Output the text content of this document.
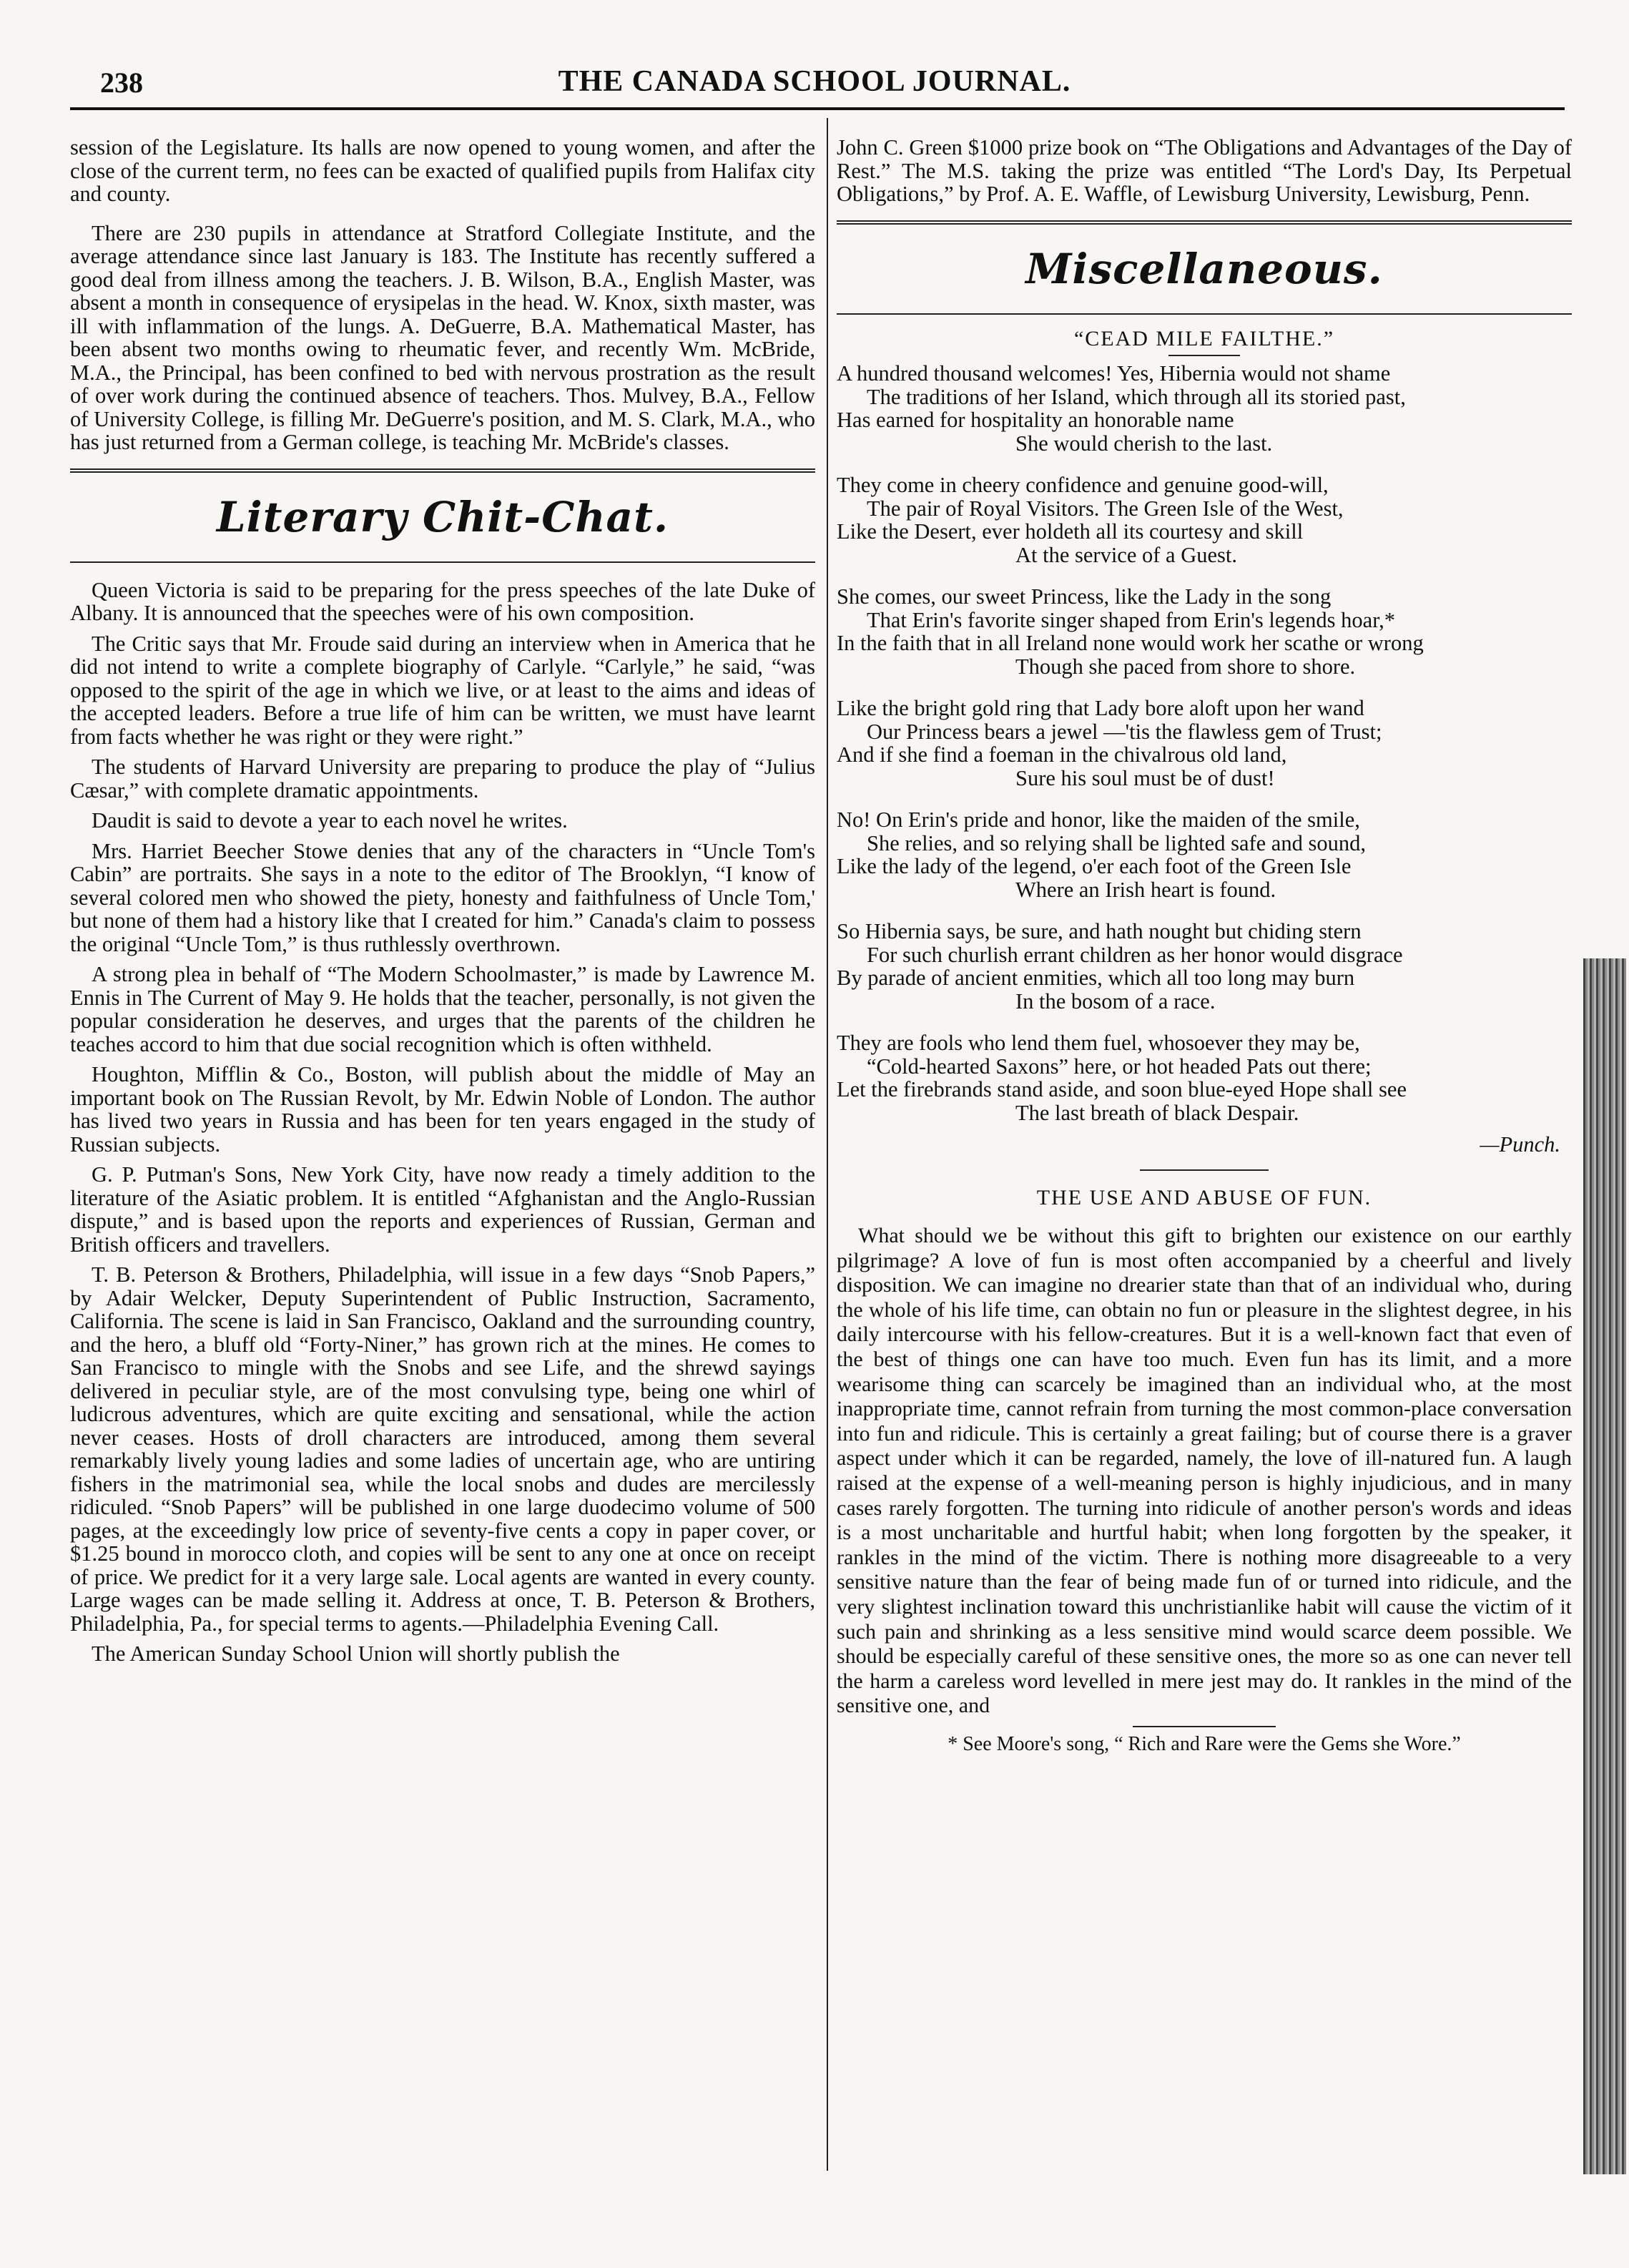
238	THE CANADA SCHOOL JOURNAL.

session of the Legislature. Its halls are now opened to young women, and after the close of the current term, no fees can be exacted of qualified pupils from Halifax city and county.

There are 230 pupils in attendance at Stratford Collegiate Institute, and the average attendance since last January is 183. The Institute has recently suffered a good deal from illness among the teachers. J. B. Wilson, B.A., English Master, was absent a month in consequence of erysipelas in the head. W. Knox, sixth master, was ill with inflammation of the lungs. A. DeGuerre, B.A. Mathematical Master, has been absent two months owing to rheumatic fever, and recently Wm. McBride, M.A., the Principal, has been confined to bed with nervous prostration as the result of over work during the continued absence of teachers. Thos. Mulvey, B.A., Fellow of University College, is filling Mr. DeGuerre's position, and M. S. Clark, M.A., who has just returned from a German college, is teaching Mr. McBride's classes.

Literary Chit-Chat.

Queen Victoria is said to be preparing for the press speeches of the late Duke of Albany. It is announced that the speeches were of his own composition.

The Critic says that Mr. Froude said during an interview when in America that he did not intend to write a complete biography of Carlyle. “Carlyle,” he said, “was opposed to the spirit of the age in which we live, or at least to the aims and ideas of the accepted leaders. Before a true life of him can be written, we must have learnt from facts whether he was right or they were right.”

The students of Harvard University are preparing to produce the play of “Julius Cæsar,” with complete dramatic appointments.

Daudit is said to devote a year to each novel he writes.

Mrs. Harriet Beecher Stowe denies that any of the characters in “Uncle Tom's Cabin” are portraits. She says in a note to the editor of The Brooklyn, “I know of several colored men who showed the piety, honesty and faithfulness of Uncle Tom,' but none of them had a history like that I created for him.” Canada's claim to possess the original “Uncle Tom,” is thus ruthlessly overthrown.

A strong plea in behalf of “The Modern Schoolmaster,” is made by Lawrence M. Ennis in The Current of May 9. He holds that the teacher, personally, is not given the popular consideration he deserves, and urges that the parents of the children he teaches accord to him that due social recognition which is often withheld.

Houghton, Mifflin & Co., Boston, will publish about the middle of May an important book on The Russian Revolt, by Mr. Edwin Noble of London. The author has lived two years in Russia and has been for ten years engaged in the study of Russian subjects.

G. P. Putman's Sons, New York City, have now ready a timely addition to the literature of the Asiatic problem. It is entitled “Afghanistan and the Anglo-Russian dispute,” and is based upon the reports and experiences of Russian, German and British officers and travellers.

T. B. Peterson & Brothers, Philadelphia, will issue in a few days “Snob Papers,” by Adair Welcker, Deputy Superintendent of Public Instruction, Sacramento, California. The scene is laid in San Francisco, Oakland and the surrounding country, and the hero, a bluff old “Forty-Niner,” has grown rich at the mines. He comes to San Francisco to mingle with the Snobs and see Life, and the shrewd sayings delivered in peculiar style, are of the most convulsing type, being one whirl of ludicrous adventures, which are quite exciting and sensational, while the action never ceases. Hosts of droll characters are introduced, among them several remarkably lively young ladies and some ladies of uncertain age, who are untiring fishers in the matrimonial sea, while the local snobs and dudes are mercilessly ridiculed. “Snob Papers” will be published in one large duodecimo volume of 500 pages, at the exceedingly low price of seventy-five cents a copy in paper cover, or $1.25 bound in morocco cloth, and copies will be sent to any one at once on receipt of price. We predict for it a very large sale. Local agents are wanted in every county. Large wages can be made selling it. Address at once, T. B. Peterson & Brothers, Philadelphia, Pa., for special terms to agents.—Philadelphia Evening Call.

The American Sunday School Union will shortly publish the

John C. Green $1000 prize book on “The Obligations and Advantages of the Day of Rest.” The M.S. taking the prize was entitled “The Lord's Day, Its Perpetual Obligations,” by Prof. A. E. Waffle, of Lewisburg University, Lewisburg, Penn.

Miscellaneous.
“CEAD MILE FAILTHE.”
A hundred thousand welcomes! Yes, Hibernia would not shame
The traditions of her Island, which through all its storied past,
Has earned for hospitality an honorable name
She would cherish to the last.
They come in cheery confidence and genuine good-will,
The pair of Royal Visitors. The Green Isle of the West,
Like the Desert, ever holdeth all its courtesy and skill
At the service of a Guest.
She comes, our sweet Princess, like the Lady in the song
That Erin's favorite singer shaped from Erin's legends hoar,*
In the faith that in all Ireland none would work her scathe or wrong
Though she paced from shore to shore.
Like the bright gold ring that Lady bore aloft upon her wand
Our Princess bears a jewel —'tis the flawless gem of Trust;
And if she find a foeman in the chivalrous old land,
Sure his soul must be of dust!
No! On Erin's pride and honor, like the maiden of the smile,
She relies, and so relying shall be lighted safe and sound,
Like the lady of the legend, o'er each foot of the Green Isle
Where an Irish heart is found.
So Hibernia says, be sure, and hath nought but chiding stern
For such churlish errant children as her honor would disgrace
By parade of ancient enmities, which all too long may burn
In the bosom of a race.
They are fools who lend them fuel, whosoever they may be,
“Cold-hearted Saxons” here, or hot headed Pats out there;
Let the firebrands stand aside, and soon blue-eyed Hope shall see
The last breath of black Despair.
—Punch.
THE USE AND ABUSE OF FUN.

What should we be without this gift to brighten our existence on our earthly pilgrimage? A love of fun is most often accompanied by a cheerful and lively disposition. We can imagine no drearier state than that of an individual who, during the whole of his life time, can obtain no fun or pleasure in the slightest degree, in his daily intercourse with his fellow-creatures. But it is a well-known fact that even of the best of things one can have too much. Even fun has its limit, and a more wearisome thing can scarcely be imagined than an individual who, at the most inappropriate time, cannot refrain from turning the most common-place conversation into fun and ridicule. This is certainly a great failing; but of course there is a graver aspect under which it can be regarded, namely, the love of ill-natured fun. A laugh raised at the expense of a well-meaning person is highly injudicious, and in many cases rarely forgotten. The turning into ridicule of another person's words and ideas is a most uncharitable and hurtful habit; when long forgotten by the speaker, it rankles in the mind of the victim. There is nothing more disagreeable to a very sensitive nature than the fear of being made fun of or turned into ridicule, and the very slightest inclination toward this unchristianlike habit will cause the victim of it such pain and shrinking as a less sensitive mind would scarce deem possible. We should be especially careful of these sensitive ones, the more so as one can never tell the harm a careless word levelled in mere jest may do. It rankles in the mind of the sensitive one, and

* See Moore's song, “ Rich and Rare were the Gems she Wore.”
